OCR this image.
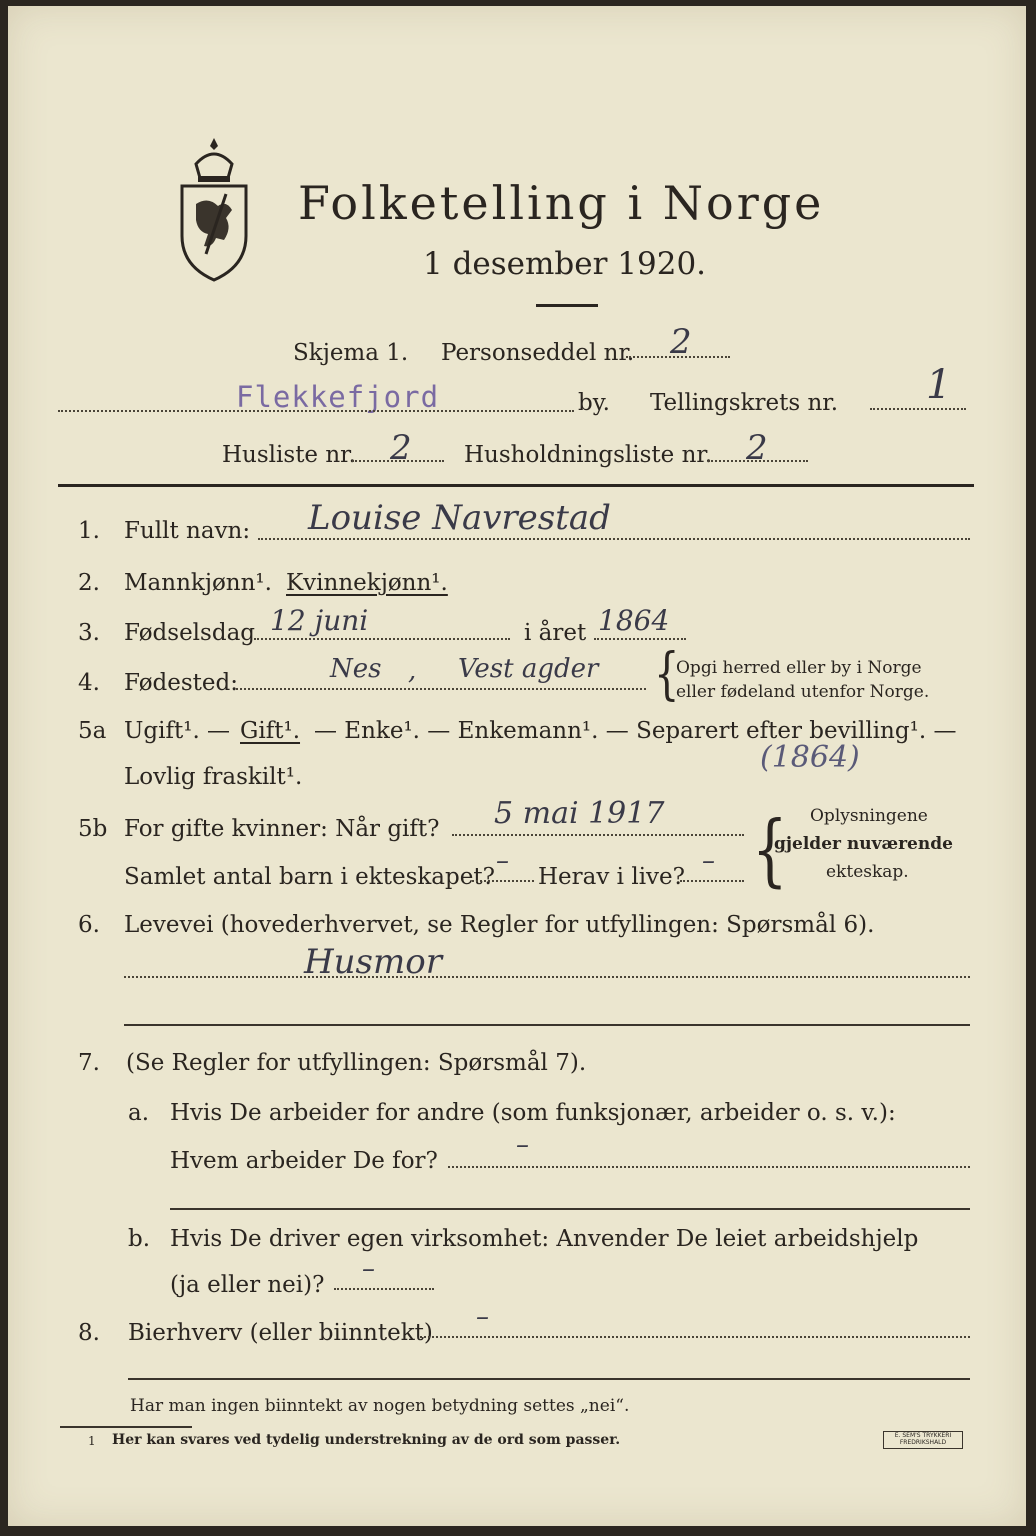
Folketelling i Norge
1 desember 1920.
Skjema 1. Personseddel nr. 2
Flekkefjord	by. Tellingskrets nr. 1
Husliste nr. 2 Husholdningsliste nr. 2
1. Fullt navn: Louise Navrestad
2. Mannkjønn¹. Kvinnekjønn¹.
3. Fødselsdag 12 juni	i året 1864
4. Fødested:	Nes , Vest agder {
Opgi herred eller by i Norge
eller fødeland utenfor Norge.
5a Ugift¹. — Gift¹. — Enke¹. — Enkemann¹. — Separert efter bevilling¹. —
Lovlig fraskilt¹.
(1864)
5b For gifte kvinner: Når gift? 5 mai 1917
Samlet antal barn i ekteskapet?
–
Herav i live?
– { Oplysningene
gjelder nuværende
ekteskap.
6. Levevei (hovederhvervet, se Regler for utfyllingen: Spørsmål 6).
Husmor
7. (Se Regler for utfyllingen: Spørsmål 7).
a. Hvis De arbeider for andre (som funksjonær, arbeider o. s. v.):
Hvem arbeider De for?
–
b. Hvis De driver egen virksomhet: Anvender De leiet arbeidshjelp
(ja eller nei)?
–
8. Bierhverv (eller biinntekt)
–
Har man ingen biinntekt av nogen betydning settes „nei“.
1 Her kan svares ved tydelig understrekning av de ord som passer.	E. SEM'S TRYKKERI
FREDRIKSHALD
